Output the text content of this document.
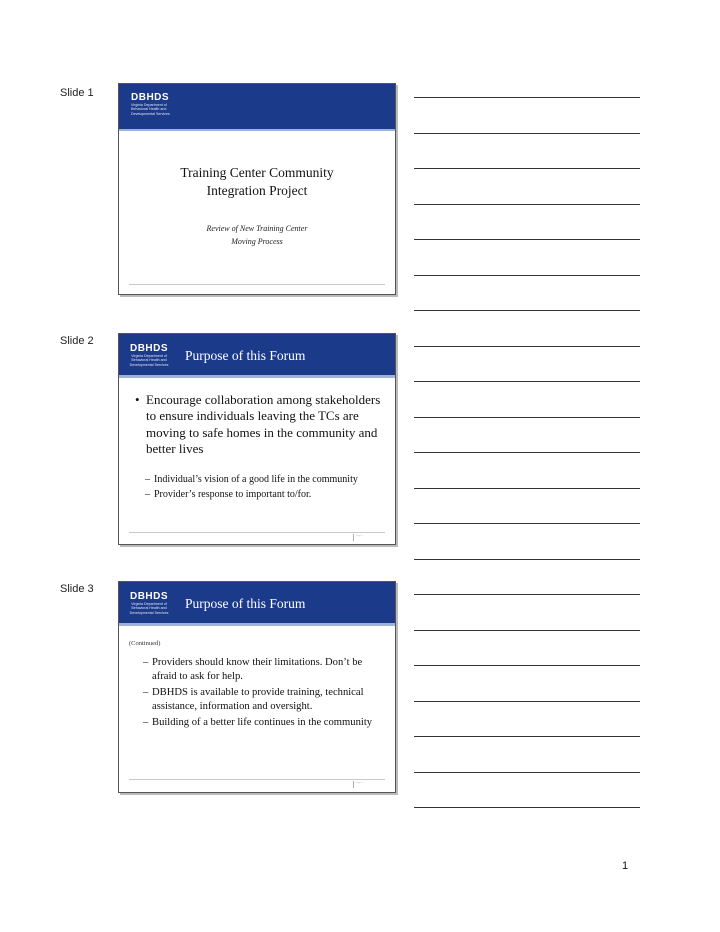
Slide 1	DBHDS
Virginia Department of
Behavioral Health and
Developmental Services
Training Center Community
Integration Project
Review of New Training Center
Moving Process
Slide 2
DBHDS
Virginia Department of
Behavioral Health and
Developmental Services
Purpose of this Forum
• Encourage collaboration among stakeholders to ensure individuals leaving the TCs are moving to safe homes in the community and better lives
– Individual’s vision of a good life in the community
– Provider’s response to important to/for.
Page 2
Slide 3
DBHDS
Virginia Department of
Behavioral Health and
Developmental Services
Purpose of this Forum
(Continued)
– Providers should know their limitations. Don’t be afraid to ask for help.
– DBHDS is available to provide training, technical assistance, information and oversight.
– Building of a better life continues in the community
Page 3
1
